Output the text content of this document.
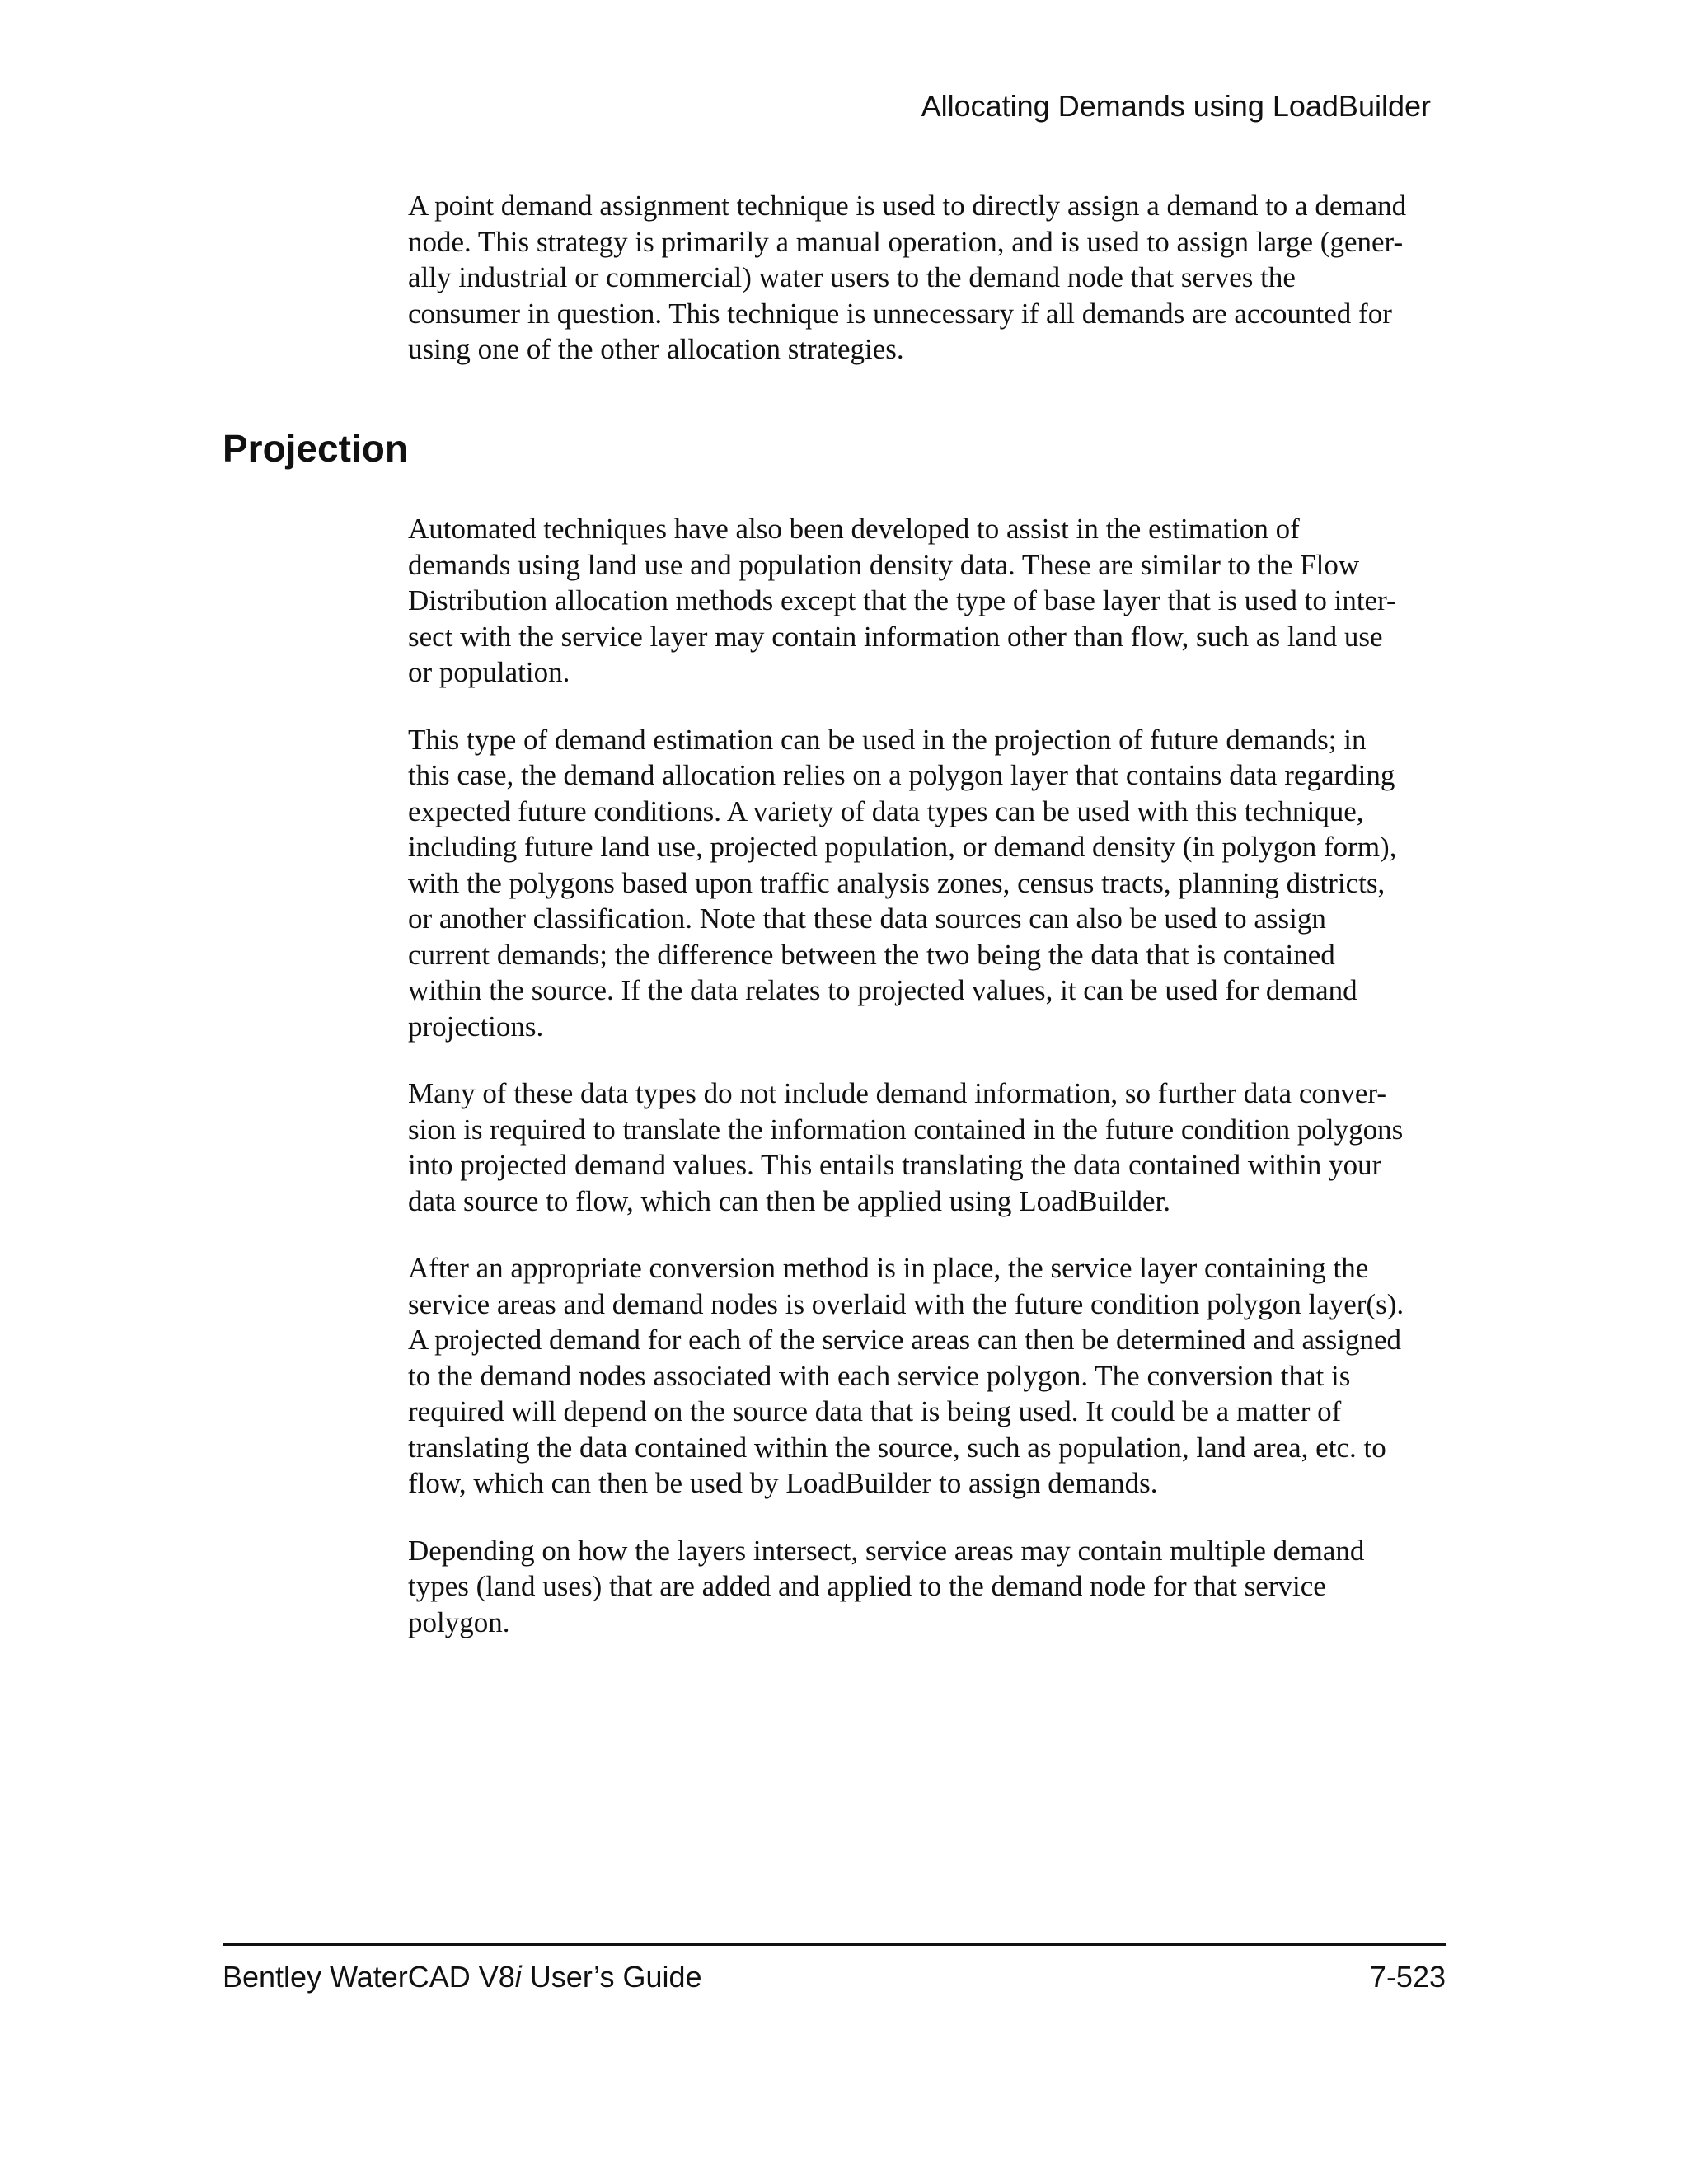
Allocating Demands using LoadBuilder

A point demand assignment technique is used to directly assign a demand to a demand
node. This strategy is primarily a manual operation, and is used to assign large (gener-
ally industrial or commercial) water users to the demand node that serves the
consumer in question. This technique is unnecessary if all demands are accounted for
using one of the other allocation strategies.

Projection

Automated techniques have also been developed to assist in the estimation of
demands using land use and population density data. These are similar to the Flow
Distribution allocation methods except that the type of base layer that is used to inter-
sect with the service layer may contain information other than flow, such as land use
or population.

This type of demand estimation can be used in the projection of future demands; in
this case, the demand allocation relies on a polygon layer that contains data regarding
expected future conditions. A variety of data types can be used with this technique,
including future land use, projected population, or demand density (in polygon form),
with the polygons based upon traffic analysis zones, census tracts, planning districts,
or another classification. Note that these data sources can also be used to assign
current demands; the difference between the two being the data that is contained
within the source. If the data relates to projected values, it can be used for demand
projections.

Many of these data types do not include demand information, so further data conver-
sion is required to translate the information contained in the future condition polygons
into projected demand values. This entails translating the data contained within your
data source to flow, which can then be applied using LoadBuilder.

After an appropriate conversion method is in place, the service layer containing the
service areas and demand nodes is overlaid with the future condition polygon layer(s).
A projected demand for each of the service areas can then be determined and assigned
to the demand nodes associated with each service polygon. The conversion that is
required will depend on the source data that is being used. It could be a matter of
translating the data contained within the source, such as population, land area, etc. to
flow, which can then be used by LoadBuilder to assign demands.

Depending on how the layers intersect, service areas may contain multiple demand
types (land uses) that are added and applied to the demand node for that service
polygon.

Bentley WaterCAD V8i User’s Guide	7-523
